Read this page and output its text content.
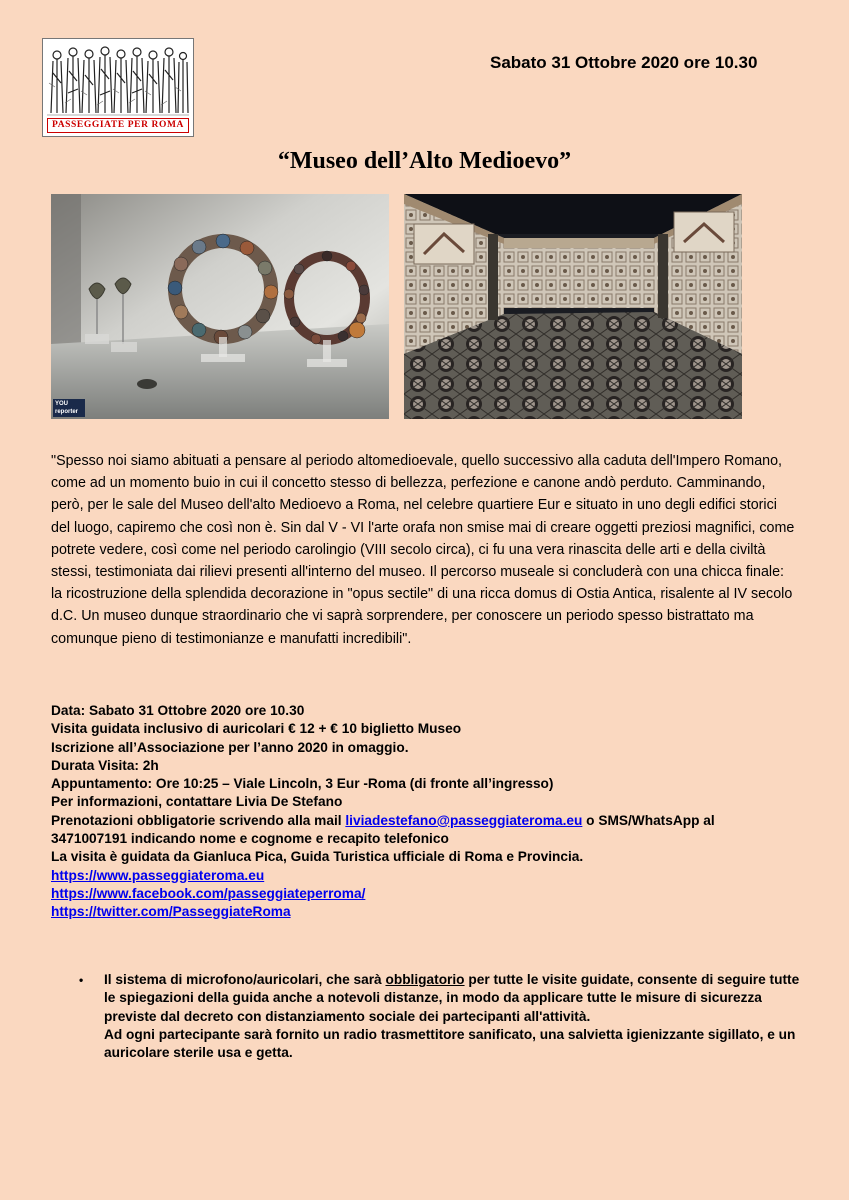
PASSEGGIATE PER ROMA
Sabato 31 Ottobre 2020 ore 10.30
“Museo dell’Alto Medioevo”
YOU reporter
"Spesso noi siamo abituati a pensare al periodo altomedioevale, quello successivo alla caduta dell'Impero Romano, come ad un momento buio in cui il concetto stesso di bellezza, perfezione e canone andò perduto. Camminando, però, per le sale del Museo dell'alto Medioevo a Roma, nel celebre quartiere Eur e situato in uno degli edifici storici del luogo, capiremo che così non è. Sin dal V - VI l'arte orafa non smise mai di creare oggetti preziosi magnifici, come potrete vedere, così come nel periodo carolingio (VIII secolo circa), ci fu una vera rinascita delle arti e della civiltà stessi, testimoniata dai rilievi presenti all'interno del museo. Il percorso museale si concluderà con una chicca finale: la ricostruzione della splendida decorazione in "opus sectile" di una ricca domus di Ostia Antica, risalente al IV secolo d.C. Un museo dunque straordinario che vi saprà sorprendere, per conoscere un periodo spesso bistrattato ma comunque pieno di testimonianze e manufatti incredibili".
Data: Sabato 31 Ottobre 2020 ore 10.30
Visita guidata inclusivo di auricolari € 12 + € 10 biglietto Museo
Iscrizione all’Associazione per l’anno 2020 in omaggio.
Durata Visita: 2h
Appuntamento: Ore 10:25 – Viale Lincoln, 3 Eur -Roma (di fronte all’ingresso)
Per informazioni, contattare Livia De Stefano
Prenotazioni obbligatorie scrivendo alla mail liviadestefano@passeggiateroma.eu o SMS/WhatsApp al
3471007191 indicando nome e cognome e recapito telefonico
La visita è guidata da Gianluca Pica, Guida Turistica ufficiale di Roma e Provincia.
https://www.passeggiateroma.eu
https://www.facebook.com/passeggiateperroma/
https://twitter.com/PasseggiateRoma
•	Il sistema di microfono/auricolari, che sarà obbligatorio per tutte le visite guidate, consente di seguire tutte le spiegazioni della guida anche a notevoli distanze, in modo da applicare tutte le misure di sicurezza previste dal decreto con distanziamento sociale dei partecipanti all'attività.
Ad ogni partecipante sarà fornito un radio trasmettitore sanificato, una salvietta igienizzante sigillato, e un auricolare sterile usa e getta.
